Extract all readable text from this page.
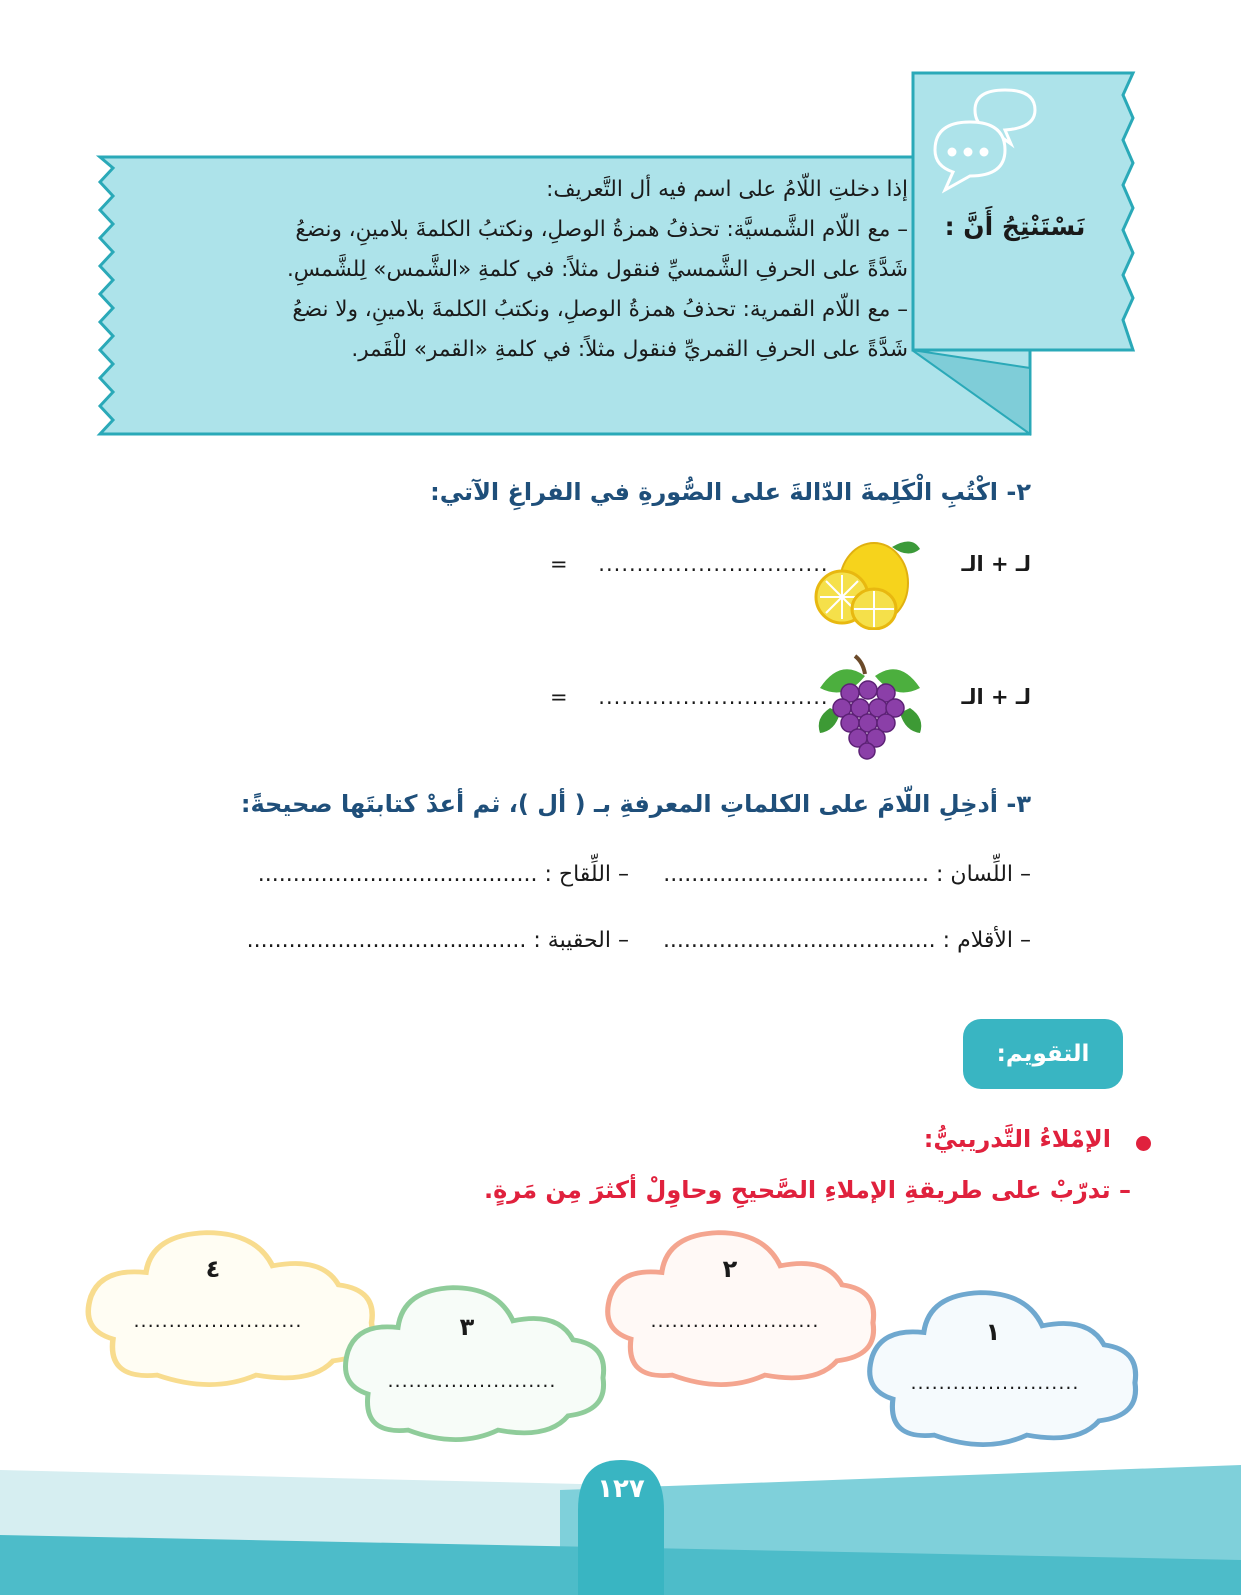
نَسْتَنْتِجُ أَنَّ :
إذا دخلتِ اللّامُ على اسم فيه أل التَّعريف:
– مع اللّام الشَّمسيَّة: تحذفُ همزةُ الوصلِ، ونكتبُ الكلمةَ بلامينِ، ونضعُ
شَدَّةً على الحرفِ الشَّمسيِّ فنقول مثلاً: في كلمةِ «الشَّمس» لِلشَّمسِ.
– مع اللّام القمرية: تحذفُ همزةُ الوصلِ، ونكتبُ الكلمةَ بلامينِ، ولا نضعُ
شَدَّةً على الحرفِ القمريِّ فنقول مثلاً: في كلمةِ «القمر» للْقَمر.
٢- اكْتُبِ الْكَلِمةَ الدّالةَ على الصُّورةِ في الفراغِ الآتي:
لـ + الـ
.............................. =
لـ + الـ
.............................. =
٣- أدخِلِ اللّامَ على الكلماتِ المعرفةِ بـ ( أل )، ثم أعدْ كتابتَها صحيحةً:
– اللِّسان : ......................................
– اللِّقاح : ........................................
– الأقلام : .......................................
– الحقيبة : ........................................
التقويم:
الإمْلاءُ التَّدريبيُّ:
– تدرّبْ على طريقةِ الإملاءِ الصَّحيحِ وحاوِلْ أكثرَ مِن مَرةٍ.
٤
........................	٣
........................
٢
........................	١
........................
١٢٧
